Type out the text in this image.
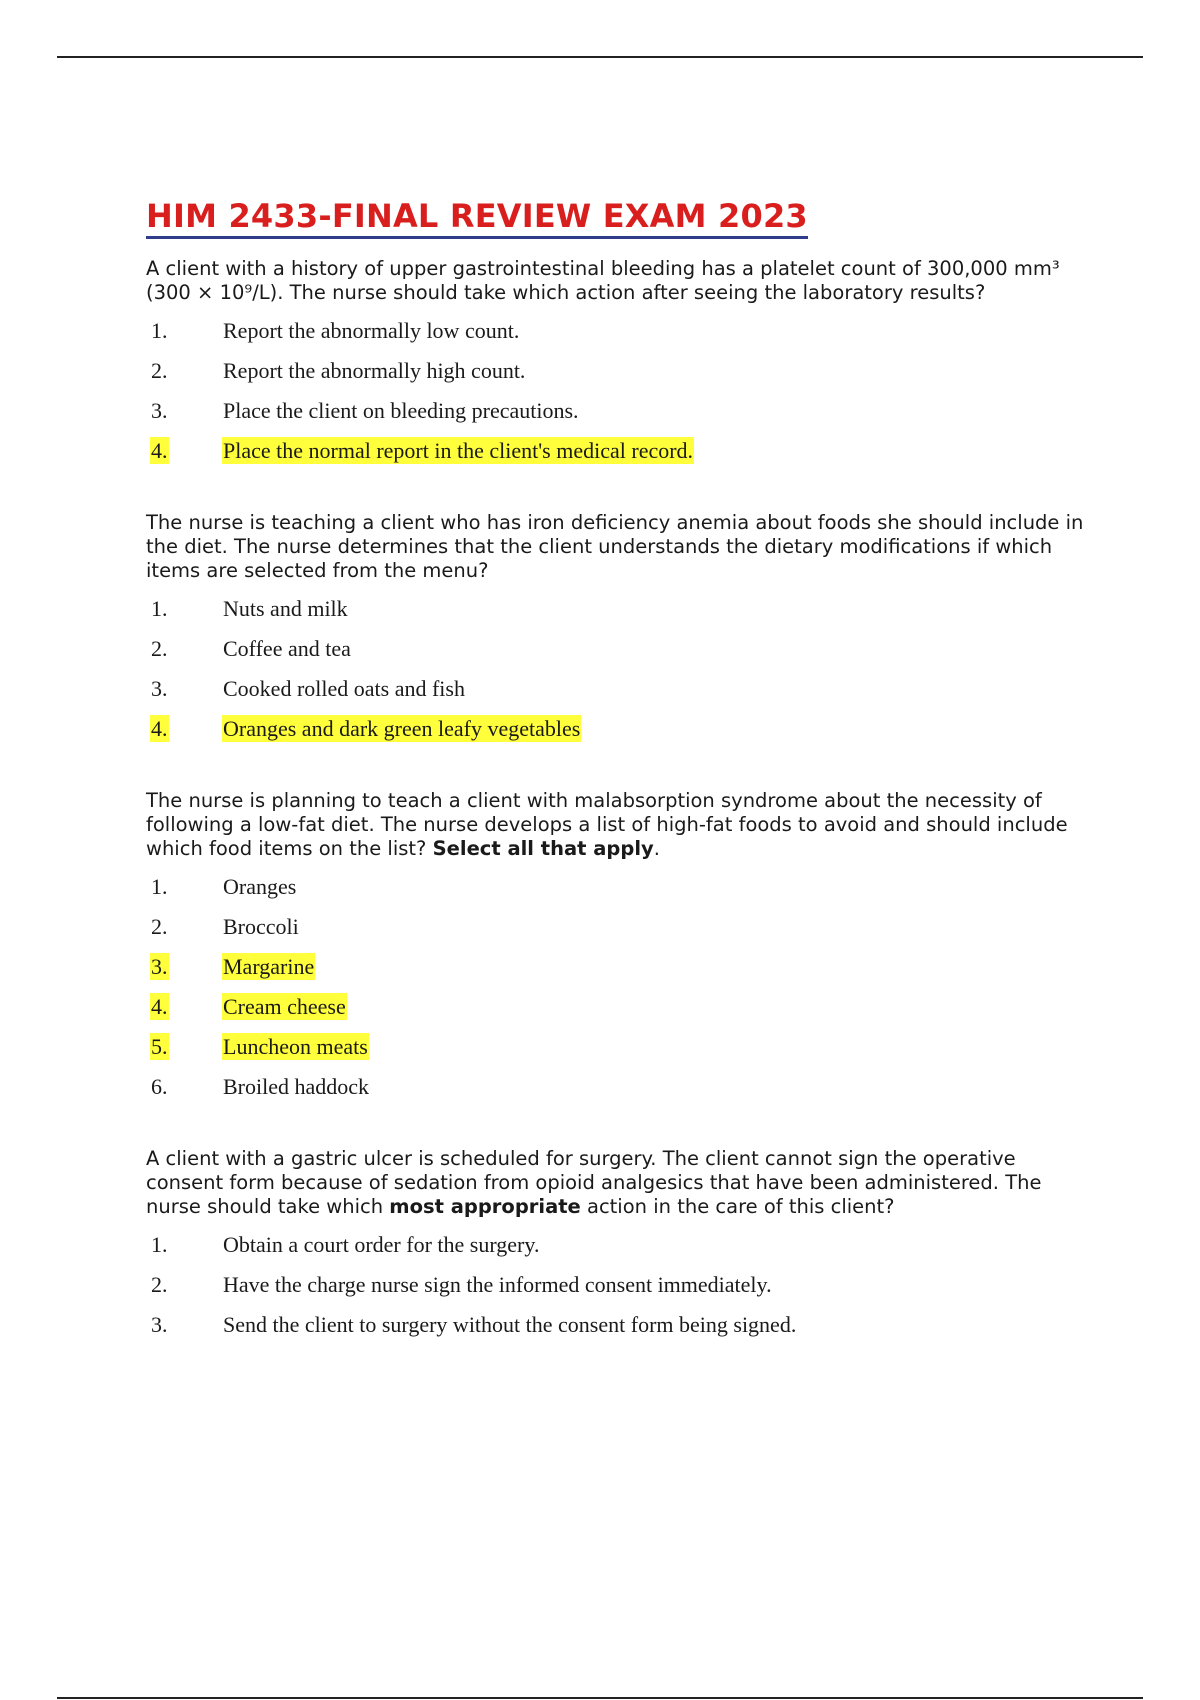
HIM 2433-FINAL REVIEW EXAM 2023

A client with a history of upper gastrointestinal bleeding has a platelet count of 300,000 mm³ (300 × 10⁹/L). The nurse should take which action after seeing the laboratory results?

1.	Report the abnormally low count.
2.	Report the abnormally high count.
3.	Place the client on bleeding precautions.
4.	Place the normal report in the client's medical record.

The nurse is teaching a client who has iron deficiency anemia about foods she should include in the diet. The nurse determines that the client understands the dietary modifications if which items are selected from the menu?

1.	Nuts and milk
2.	Coffee and tea
3.	Cooked rolled oats and fish
4.	Oranges and dark green leafy vegetables

The nurse is planning to teach a client with malabsorption syndrome about the necessity of following a low-fat diet. The nurse develops a list of high-fat foods to avoid and should include which food items on the list? Select all that apply.

1.	Oranges
2.	Broccoli
3.	Margarine
4.	Cream cheese
5.	Luncheon meats
6.	Broiled haddock

A client with a gastric ulcer is scheduled for surgery. The client cannot sign the operative consent form because of sedation from opioid analgesics that have been administered. The nurse should take which most appropriate action in the care of this client?

1.	Obtain a court order for the surgery.
2.	Have the charge nurse sign the informed consent immediately.
3.	Send the client to surgery without the consent form being signed.
